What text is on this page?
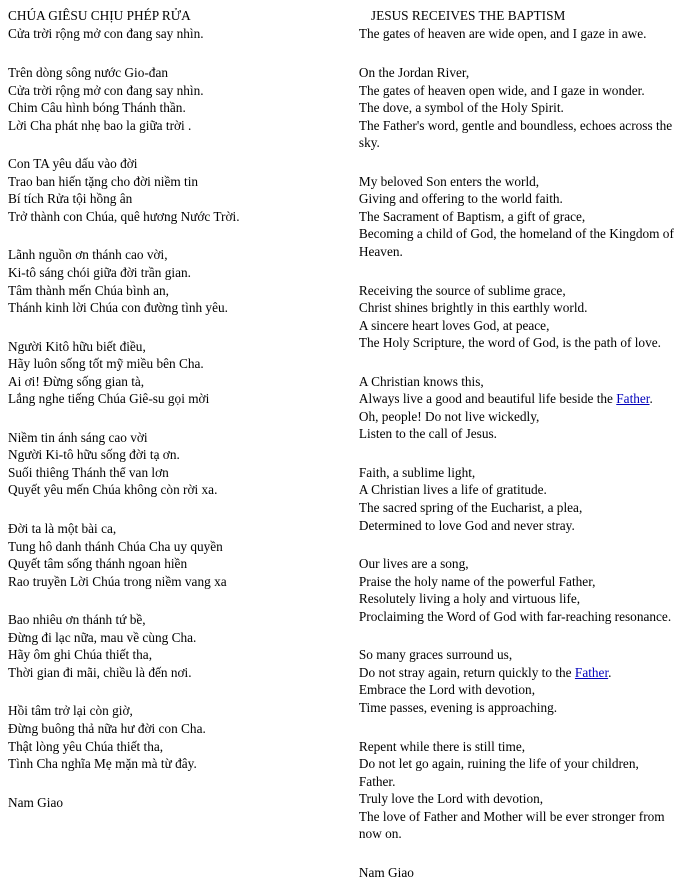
CHÚA GIÊSU CHỊU PHÉP RỬA
Cửa trời rộng mở con đang say nhìn.
Trên dòng sông nước Gio-đan
Cửa trời rộng mở con đang say nhìn.
Chim Câu hình bóng Thánh thần.
Lời Cha phát nhẹ bao la giữa trời .
Con TA yêu dấu vào đời
Trao ban hiến tặng cho đời niềm tin
Bí tích Rửa tội hồng ân
Trở thành con Chúa, quê hương Nước Trời.
Lãnh nguồn ơn thánh cao vời,
Ki-tô sáng chói giữa đời trần gian.
Tâm thành mến Chúa bình an,
Thánh kinh lời Chúa con đường tình yêu.
Người Kitô hữu biết điều,
Hãy luôn sống tốt mỹ miều bên Cha.
Ai ơi! Đừng sống gian tà,
Lắng nghe tiếng Chúa Giê-su gọi mời
Niềm tin ánh sáng cao vời
Người Ki-tô hữu sống đời tạ ơn.
Suối thiêng Thánh thể van lơn
Quyết yêu mến Chúa không còn rời xa.
Đời ta là một bài ca,
Tung hô danh thánh Chúa Cha uy quyền
Quyết tâm sống thánh ngoan hiền
Rao truyền Lời Chúa trong niềm vang xa
Bao nhiêu ơn thánh tứ bề,
Đừng đi lạc nữa, mau về cùng Cha.
Hãy ôm ghi Chúa thiết tha,
Thời gian đi mãi, chiều là đến nơi.
Hồi tâm trở lại còn giờ,
Đừng buông thả nữa hư đời con Cha.
Thật lòng yêu Chúa thiết tha,
Tình Cha nghĩa Mẹ mặn mà từ đây.
Nam Giao
JESUS RECEIVES THE BAPTISM
The gates of heaven are wide open, and I gaze in awe.
On the Jordan River,
The gates of heaven open wide, and I gaze in wonder.
The dove, a symbol of the Holy Spirit.
The Father's word, gentle and boundless, echoes across the sky.
My beloved Son enters the world,
Giving and offering to the world faith.
The Sacrament of Baptism, a gift of grace,
Becoming a child of God, the homeland of the Kingdom of Heaven.
Receiving the source of sublime grace,
Christ shines brightly in this earthly world.
A sincere heart loves God, at peace,
The Holy Scripture, the word of God, is the path of love.
A Christian knows this,
Always live a good and beautiful life beside the Father.
Oh, people! Do not live wickedly,
Listen to the call of Jesus.
Faith, a sublime light,
A Christian lives a life of gratitude.
The sacred spring of the Eucharist, a plea,
Determined to love God and never stray.
Our lives are a song,
Praise the holy name of the powerful Father,
Resolutely living a holy and virtuous life,
Proclaiming the Word of God with far-reaching resonance.
So many graces surround us,
Do not stray again, return quickly to the Father.
Embrace the Lord with devotion,
Time passes, evening is approaching.
Repent while there is still time,
Do not let go again, ruining the life of your children, Father.
Truly love the Lord with devotion,
The love of Father and Mother will be ever stronger from now on.
Nam Giao
